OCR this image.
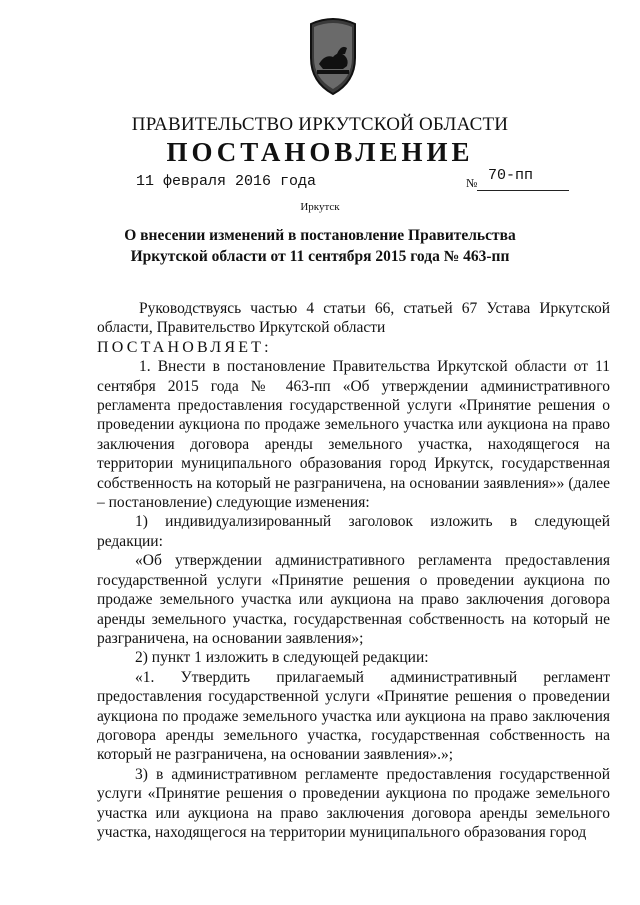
ПРАВИТЕЛЬСТВО ИРКУТСКОЙ ОБЛАСТИ
ПОСТАНОВЛЕНИЕ
11 февраля 2016 года	№ 70-пп
Иркутск
О внесении изменений в постановление Правительства Иркутской области от 11 сентября 2015 года № 463-пп

Руководствуясь частью 4 статьи 66, статьей 67 Устава Иркутской области, Правительство Иркутской области

ПОСТАНОВЛЯЕТ:

1. Внести в постановление Правительства Иркутской области от 11 сентября 2015 года № 463-пп «Об утверждении административного регламента предоставления государственной услуги «Принятие решения о проведении аукциона по продаже земельного участка или аукциона на право заключения договора аренды земельного участка, находящегося на территории муниципального образования город Иркутск, государственная собственность на который не разграничена, на основании заявления»» (далее – постановление) следующие изменения:

1) индивидуализированный заголовок изложить в следующей редакции:

«Об утверждении административного регламента предоставления государственной услуги «Принятие решения о проведении аукциона по продаже земельного участка или аукциона на право заключения договора аренды земельного участка, государственная собственность на который не разграничена, на основании заявления»;

2) пункт 1 изложить в следующей редакции:

«1. Утвердить прилагаемый административный регламент предоставления государственной услуги «Принятие решения о проведении аукциона по продаже земельного участка или аукциона на право заключения договора аренды земельного участка, государственная собственность на который не разграничена, на основании заявления».»;

3) в административном регламенте предоставления государственной услуги «Принятие решения о проведении аукциона по продаже земельного участка или аукциона на право заключения договора аренды земельного участка, находящегося на территории муниципального образования город
